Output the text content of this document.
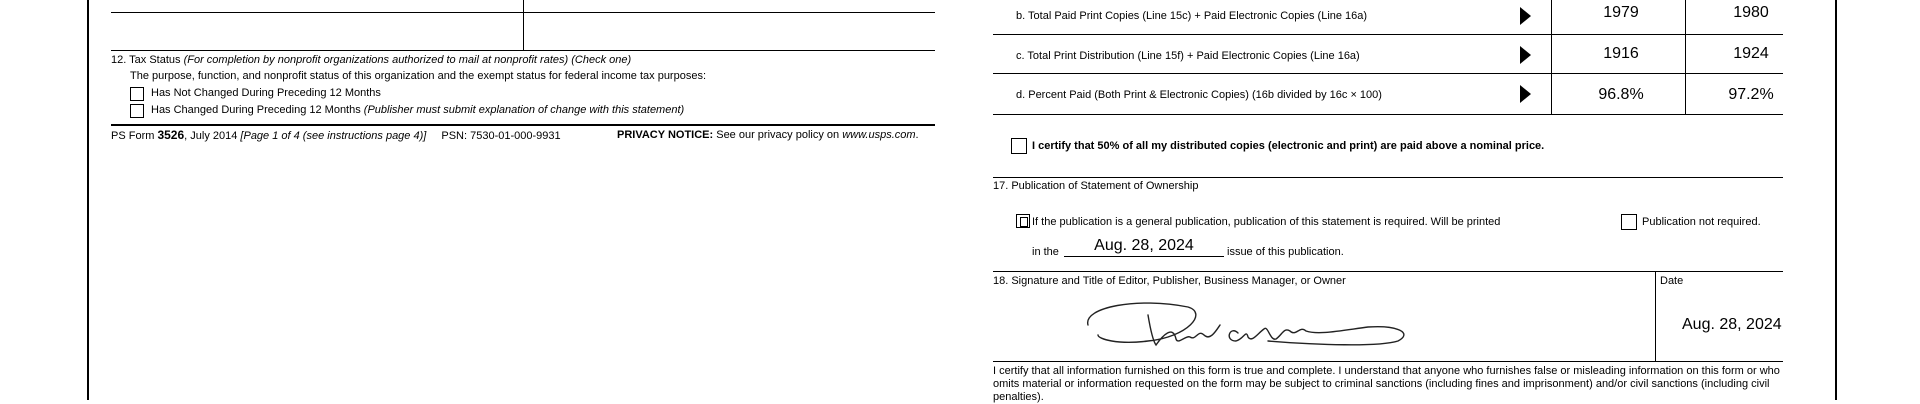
12. Tax Status (For completion by nonprofit organizations authorized to mail at nonprofit rates) (Check one)
The purpose, function, and nonprofit status of this organization and the exempt status for federal income tax purposes:
Has Not Changed During Preceding 12 Months
Has Changed During Preceding 12 Months (Publisher must submit explanation of change with this statement)
PS Form 3526, July 2014 [Page 1 of 4 (see instructions page 4)] PSN: 7530-01-000-9931	PRIVACY NOTICE: See our privacy policy on www.usps.com.
b. Total Paid Print Copies (Line 15c) + Paid Electronic Copies (Line 16a)	1979	1980
c. Total Print Distribution (Line 15f) + Paid Electronic Copies (Line 16a)	1916	1924
d. Percent Paid (Both Print & Electronic Copies) (16b divided by 16c × 100)	96.8%	97.2%
I certify that 50% of all my distributed copies (electronic and print) are paid above a nominal price.
17. Publication of Statement of Ownership
If the publication is a general publication, publication of this statement is required. Will be printed	Publication not required.
in the	Aug. 28, 2024	issue of this publication.
18. Signature and Title of Editor, Publisher, Business Manager, or Owner	Date
Aug. 28, 2024
I certify that all information furnished on this form is true and complete. I understand that anyone who furnishes false or misleading information on this form or who omits material or information requested on the form may be subject to criminal sanctions (including fines and imprisonment) and/or civil sanctions (including civil penalties).
